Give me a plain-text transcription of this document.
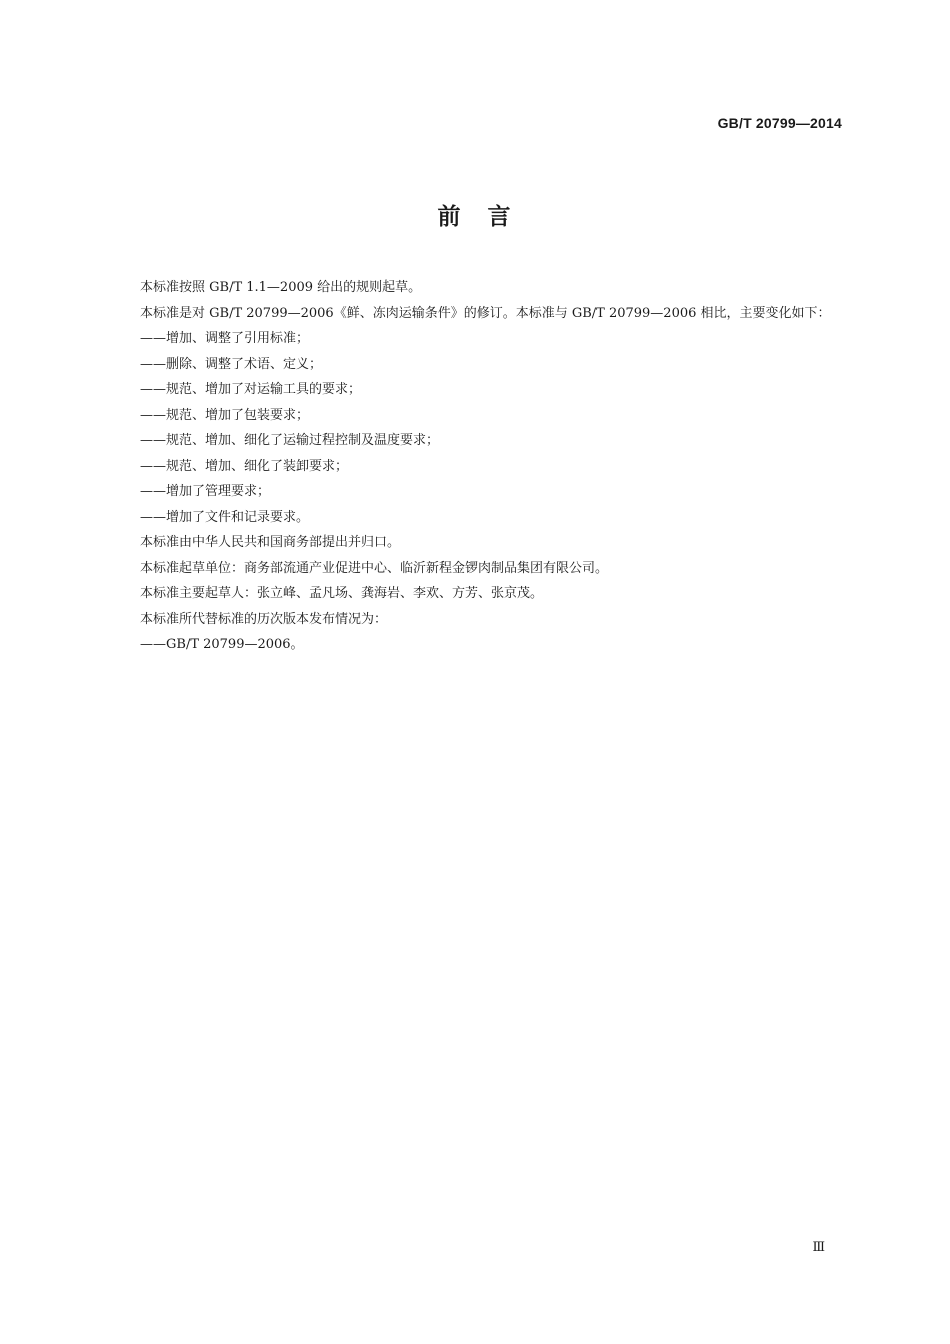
GB/T 20799—2014
前　言

本标准按照 GB/T 1.1—2009 给出的规则起草。

本标准是对 GB/T 20799—2006《鲜、冻肉运输条件》的修订。本标准与 GB/T 20799—2006 相比，主要变化如下：

——增加、调整了引用标准；

——删除、调整了术语、定义；

——规范、增加了对运输工具的要求；

——规范、增加了包装要求；

——规范、增加、细化了运输过程控制及温度要求；

——规范、增加、细化了装卸要求；

——增加了管理要求；

——增加了文件和记录要求。

本标准由中华人民共和国商务部提出并归口。

本标准起草单位：商务部流通产业促进中心、临沂新程金锣肉制品集团有限公司。

本标准主要起草人：张立峰、孟凡场、龚海岩、李欢、方芳、张京茂。

本标准所代替标准的历次版本发布情况为：

——GB/T 20799—2006。

Ⅲ
